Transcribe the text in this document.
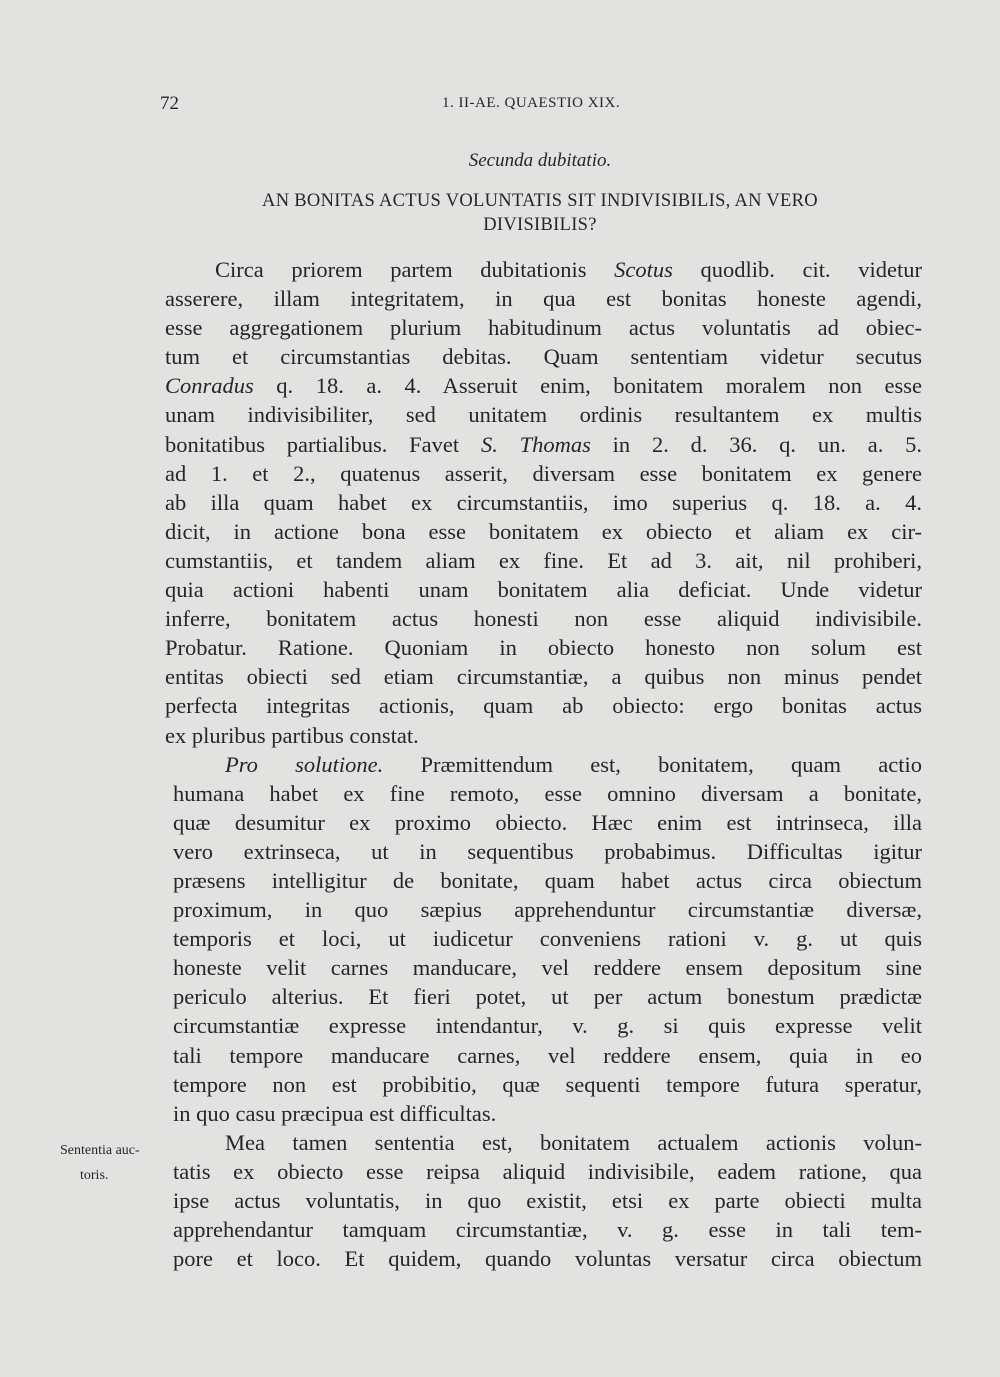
72	1. II-AE. QUAESTIO XIX.
Secunda dubitatio.
AN BONITAS ACTUS VOLUNTATIS SIT INDIVISIBILIS, AN VERO
DIVISIBILIS?
Sententia auc-
toris.
Circa priorem partem dubitationis Scotus quodlib. cit. videtur
asserere, illam integritatem, in qua est bonitas honeste agendi,
esse aggregationem plurium habitudinum actus voluntatis ad obiec-
tum et circumstantias debitas. Quam sententiam videtur secutus
Conradus q. 18. a. 4. Asseruit enim, bonitatem moralem non esse
unam indivisibiliter, sed unitatem ordinis resultantem ex multis
bonitatibus partialibus. Favet S. Thomas in 2. d. 36. q. un. a. 5.
ad 1. et 2., quatenus asserit, diversam esse bonitatem ex genere
ab illa quam habet ex circumstantiis, imo superius q. 18. a. 4.
dicit, in actione bona esse bonitatem ex obiecto et aliam ex cir-
cumstantiis, et tandem aliam ex fine. Et ad 3. ait, nil prohiberi,
quia actioni habenti unam bonitatem alia deficiat. Unde videtur
inferre, bonitatem actus honesti non esse aliquid indivisibile.
Probatur. Ratione. Quoniam in obiecto honesto non solum est
entitas obiecti sed etiam circumstantiæ, a quibus non minus pendet
perfecta integritas actionis, quam ab obiecto: ergo bonitas actus
ex pluribus partibus constat.
Pro solutione. Præmittendum est, bonitatem, quam actio
humana habet ex fine remoto, esse omnino diversam a bonitate,
quæ desumitur ex proximo obiecto. Hæc enim est intrinseca, illa
vero extrinseca, ut in sequentibus probabimus. Difficultas igitur
præsens intelligitur de bonitate, quam habet actus circa obiectum
proximum, in quo sæpius apprehenduntur circumstantiæ diversæ,
temporis et loci, ut iudicetur conveniens rationi v. g. ut quis
honeste velit carnes manducare, vel reddere ensem depositum sine
periculo alterius. Et fieri potet, ut per actum bonestum prædictæ
circumstantiæ expresse intendantur, v. g. si quis expresse velit
tali tempore manducare carnes, vel reddere ensem, quia in eo
tempore non est probibitio, quæ sequenti tempore futura speratur,
in quo casu præcipua est difficultas.
Mea tamen sententia est, bonitatem actualem actionis volun-
tatis ex obiecto esse reipsa aliquid indivisibile, eadem ratione, qua
ipse actus voluntatis, in quo existit, etsi ex parte obiecti multa
apprehendantur tamquam circumstantiæ, v. g. esse in tali tem-
pore et loco. Et quidem, quando voluntas versatur circa obiectum
